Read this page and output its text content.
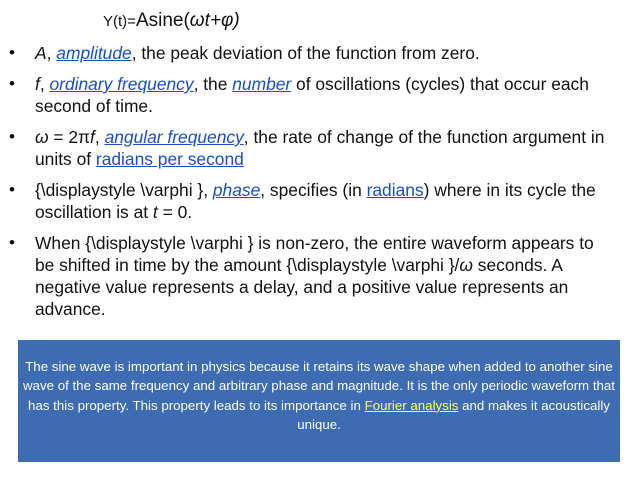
Y(t)=Asine(ωt+φ)
• A, amplitude, the peak deviation of the function from zero.
• f, ordinary frequency, the number of oscillations (cycles) that occur each second of time.
• ω = 2πf, angular frequency, the rate of change of the function argument in units of radians per second
• {\displaystyle \varphi }, phase, specifies (in radians) where in its cycle the oscillation is at t = 0.
• When {\displaystyle \varphi } is non-zero, the entire waveform appears to be shifted in time by the amount {\displaystyle \varphi }/ω seconds. A negative value represents a delay, and a positive value represents an advance.
The sine wave is important in physics because it retains its wave shape when added to another sine wave of the same frequency and arbitrary phase and magnitude. It is the only periodic waveform that has this property. This property leads to its importance in Fourier analysis and makes it acoustically unique.
